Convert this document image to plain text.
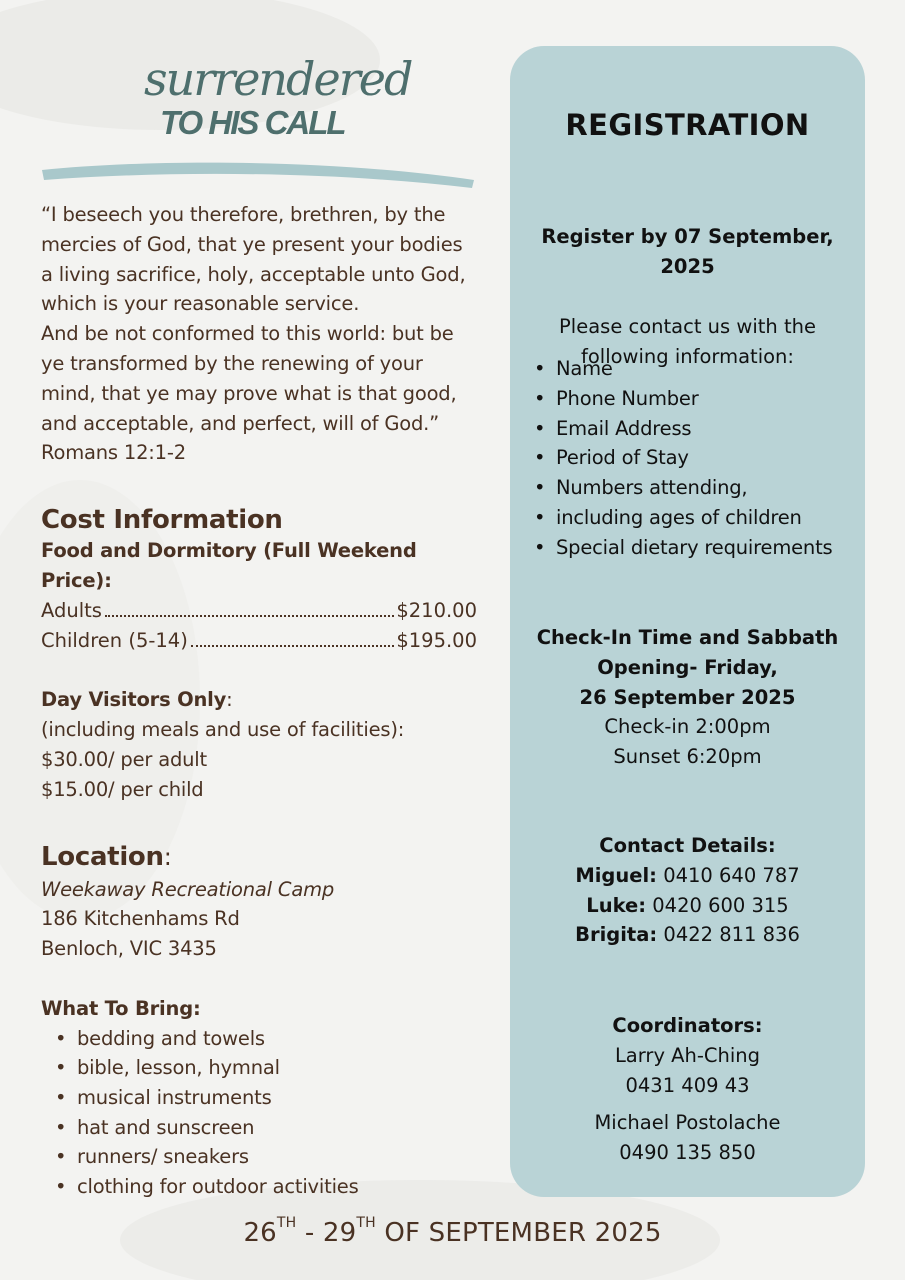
surrendered
TO HIS CALL

“I beseech you therefore, brethren, by the
mercies of God, that ye present your bodies
a living sacrifice, holy, acceptable unto God,
which is your reasonable service.
And be not conformed to this world: but be
ye transformed by the renewing of your
mind, that ye may prove what is that good,
and acceptable, and perfect, will of God.”
Romans 12:1-2

Cost Information
Food and Dormitory (Full Weekend Price):
Adults	$210.00
Children (5-14)	$195.00
Day Visitors Only:
(including meals and use of facilities):
$30.00/ per adult
$15.00/ per child
Location:
Weekaway Recreational Camp
186 Kitchenhams Rd
Benloch, VIC 3435
What To Bring:
• bedding and towels
• bible, lesson, hymnal
• musical instruments
• hat and sunscreen
• runners/ sneakers
• clothing for outdoor activities
REGISTRATION
Register by 07 September,
2025
Please contact us with the
following information:
• Name
• Phone Number
• Email Address
• Period of Stay
• Numbers attending,
• including ages of children
• Special dietary requirements
Check-In Time and Sabbath
Opening- Friday,
26 September 2025
Check-in 2:00pm
Sunset 6:20pm
Contact Details:
Miguel: 0410 640 787
Luke: 0420 600 315
Brigita: 0422 811 836
Coordinators:
Larry Ah-Ching
0431 409 43
Michael Postolache
0490 135 850
26TH - 29TH OF SEPTEMBER 2025
